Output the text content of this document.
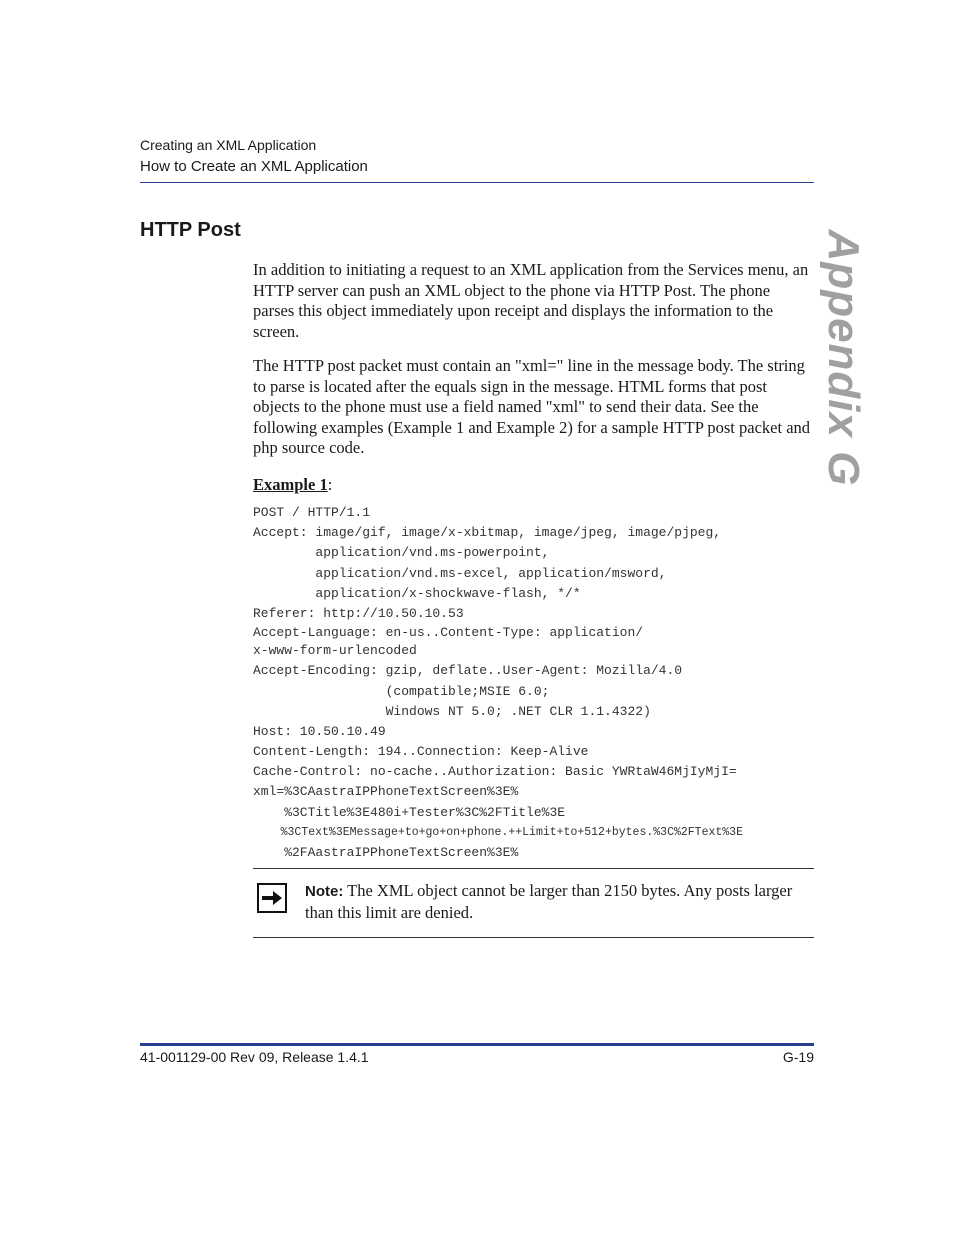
Creating an XML Application
How to Create an XML Application
HTTP Post	Appendix G

In addition to initiating a request to an XML application from the Services menu, an HTTP server can push an XML object to the phone via HTTP Post. The phone parses this object immediately upon receipt and displays the information to the screen.

The HTTP post packet must contain an "xml=" line in the message body. The string to parse is located after the equals sign in the message. HTML forms that post objects to the phone must use a field named "xml" to send their data. See the following examples (Example 1 and Example 2) for a sample HTTP post packet and php source code.

Example 1:
POST / HTTP/1.1
Accept: image/gif, image/x-xbitmap, image/jpeg, image/pjpeg,
application/vnd.ms-powerpoint,
application/vnd.ms-excel, application/msword,
application/x-shockwave-flash, */*
Referer: http://10.50.10.53
Accept-Language: en-us..Content-Type: application/
x-www-form-urlencoded
Accept-Encoding: gzip, deflate..User-Agent: Mozilla/4.0
(compatible;MSIE 6.0;
Windows NT 5.0; .NET CLR 1.1.4322)
Host: 10.50.10.49
Content-Length: 194..Connection: Keep-Alive
Cache-Control: no-cache..Authorization: Basic YWRtaW46MjIyMjI=
xml=%3CAastraIPPhoneTextScreen%3E%
%3CTitle%3E480i+Tester%3C%2FTitle%3E
%3CText%3EMessage+to+go+on+phone.++Limit+to+512+bytes.%3C%2FText%3E
%2FAastraIPPhoneTextScreen%3E%
Note: The XML object cannot be larger than 2150 bytes. Any posts larger than this limit are denied.
41-001129-00 Rev 09, Release 1.4.1	G-19
